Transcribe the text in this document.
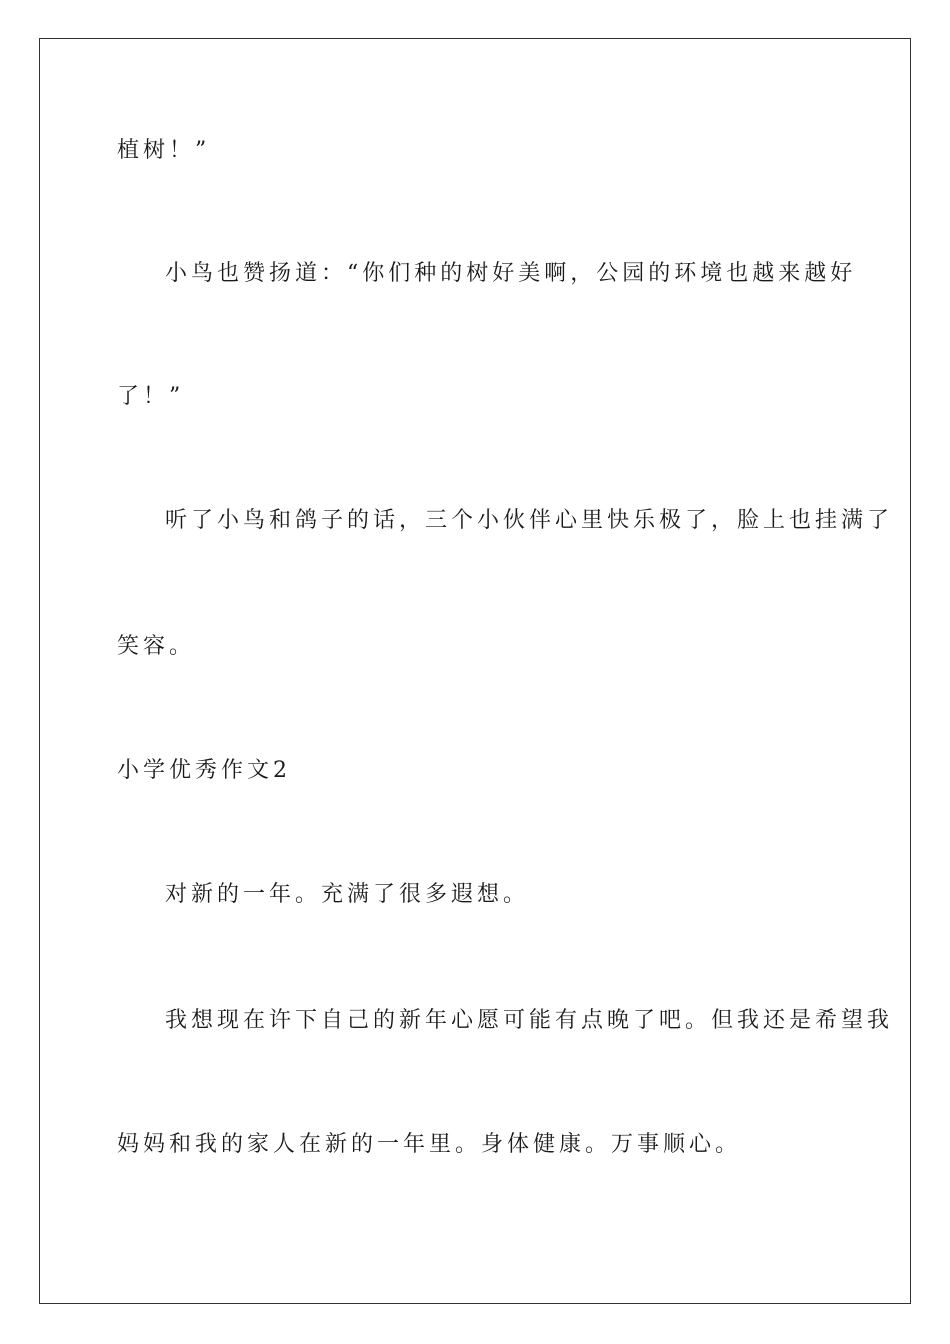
植树！”
小鸟也赞扬道：“你们种的树好美啊，公园的环境也越来越好
了！”
听了小鸟和鸽子的话，三个小伙伴心里快乐极了，脸上也挂满了
笑容。
小学优秀作文2
对新的一年。充满了很多遐想。
我想现在许下自己的新年心愿可能有点晚了吧。但我还是希望我
妈妈和我的家人在新的一年里。身体健康。万事顺心。
